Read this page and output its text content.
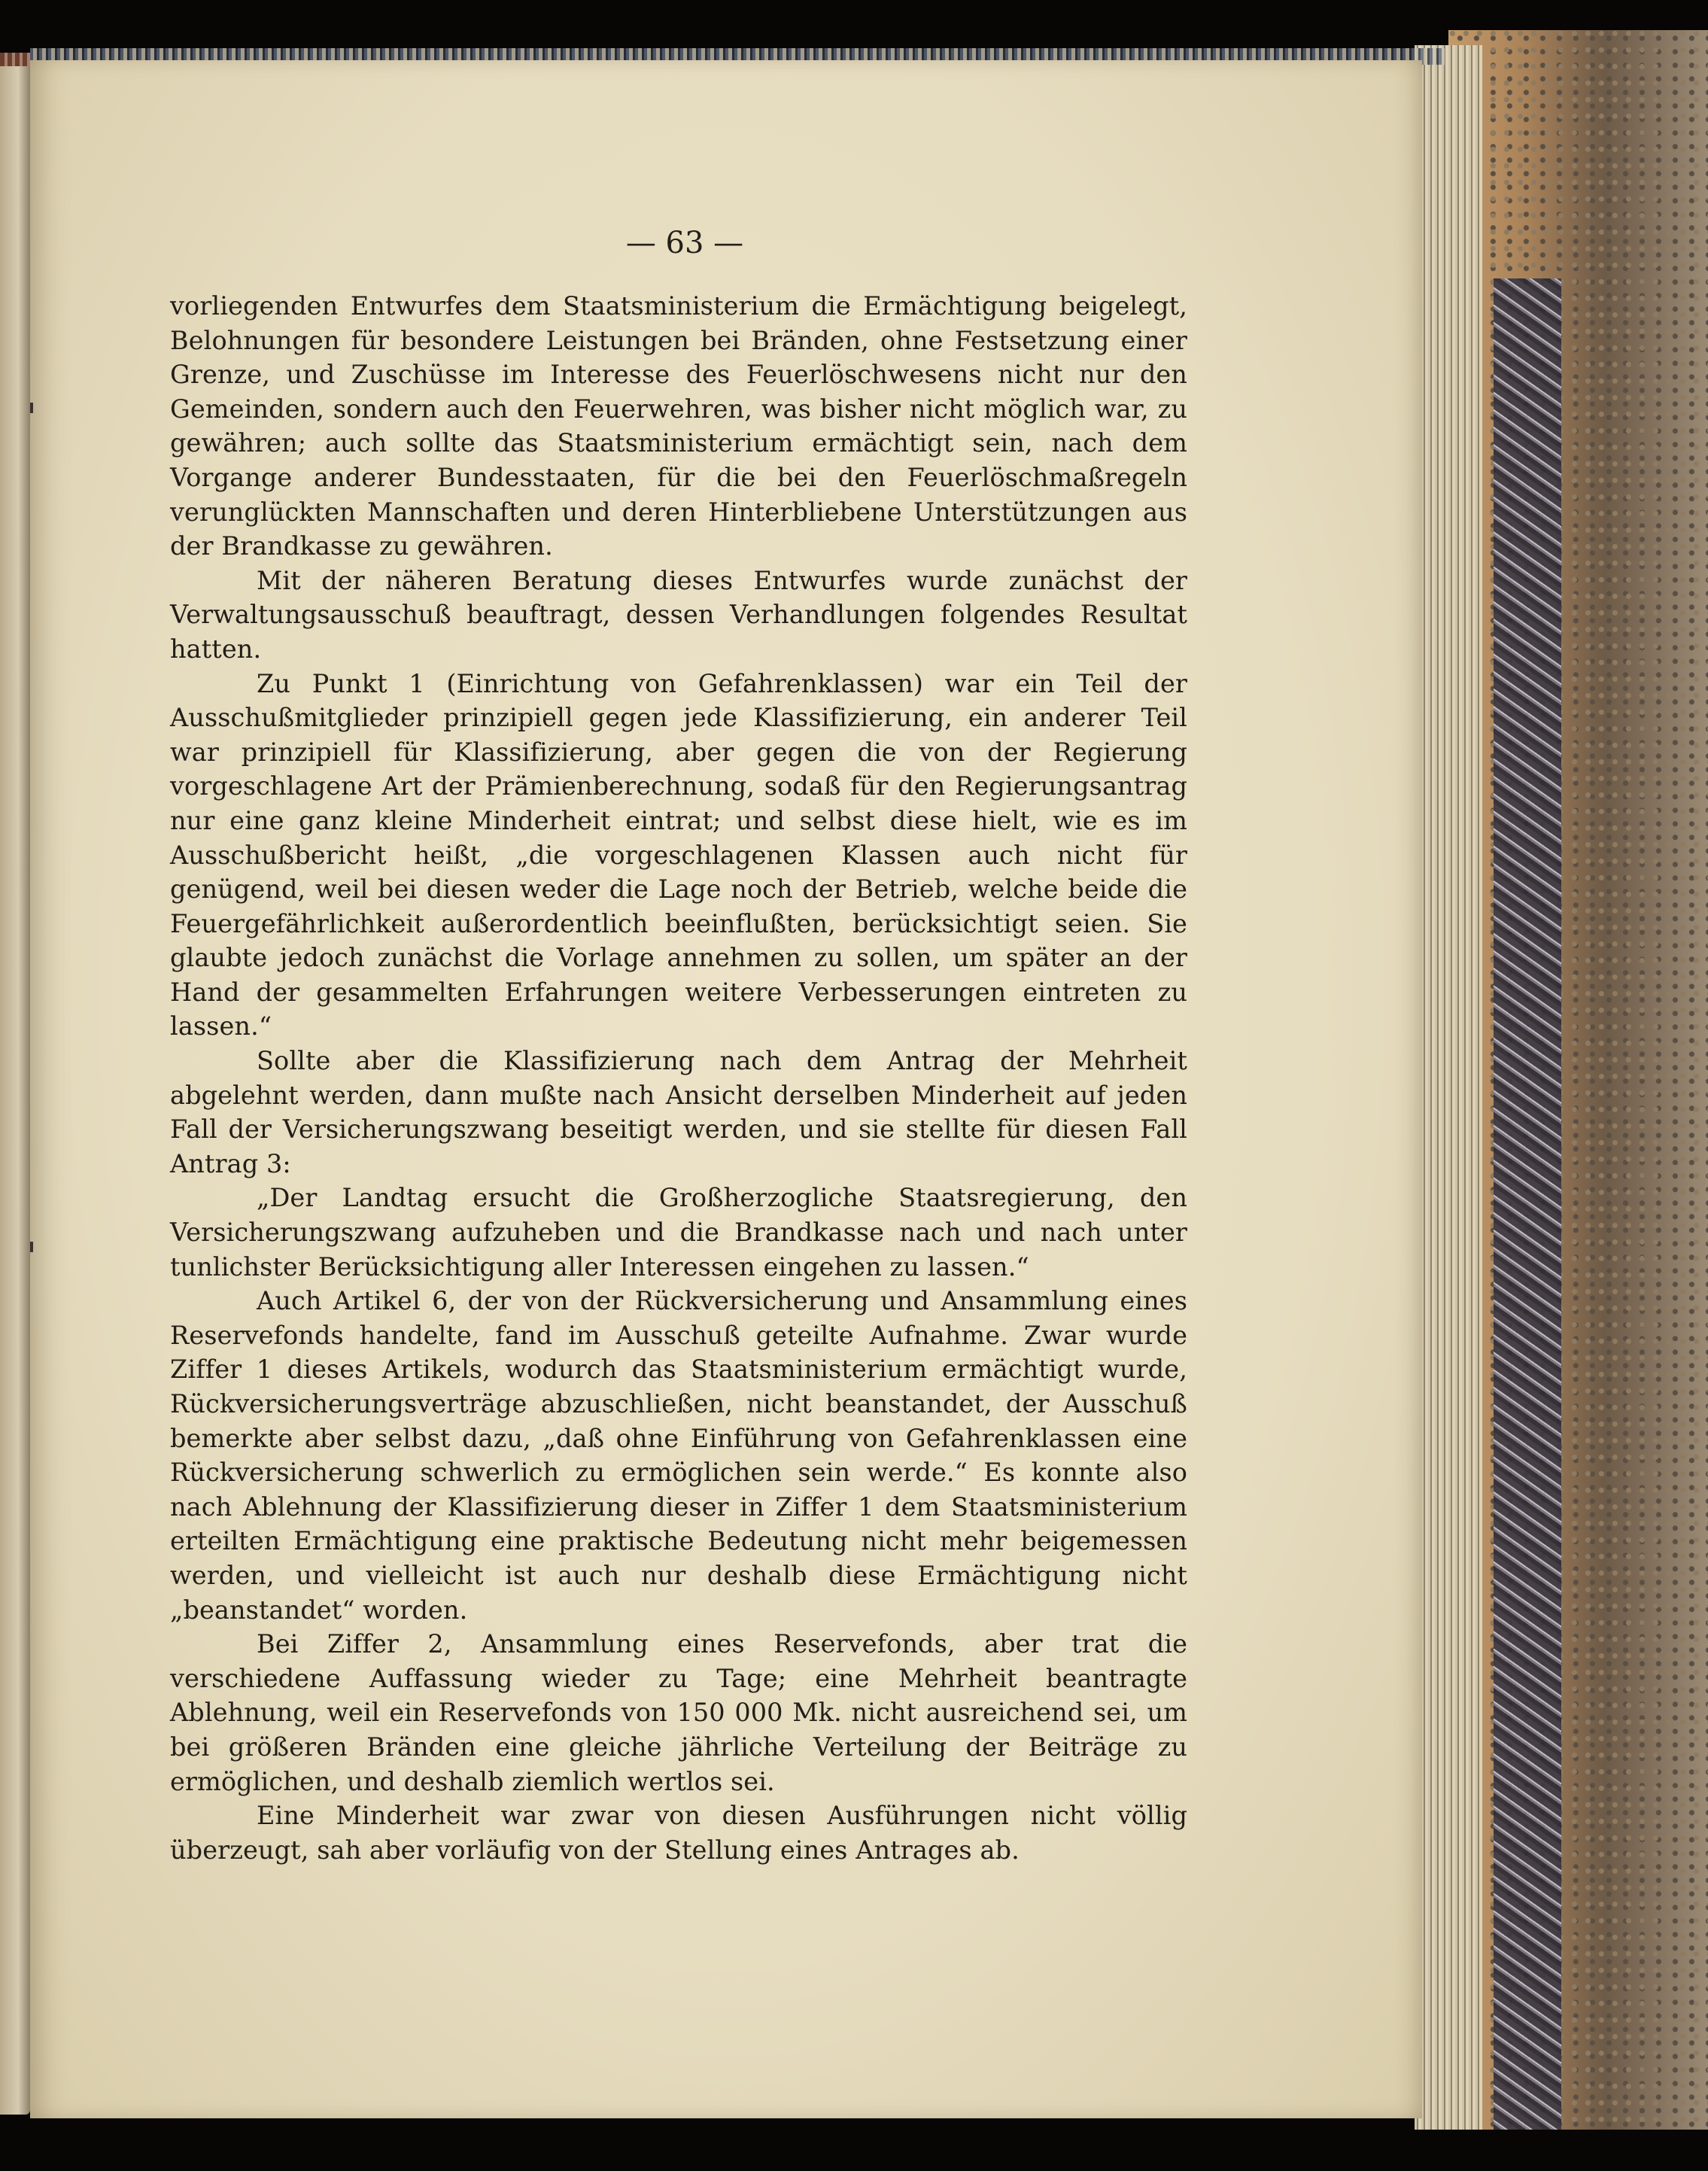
— 63 —

vorliegenden Entwurfes dem Staatsministerium die Ermächtigung beigelegt, Belohnungen für besondere Leistungen bei Bränden, ohne Festsetzung einer Grenze, und Zuschüsse im Interesse des Feuerlöschwesens nicht nur den Gemeinden, sondern auch den Feuerwehren, was bisher nicht möglich war, zu gewähren; auch sollte das Staatsministerium ermächtigt sein, nach dem Vorgange anderer Bundesstaaten, für die bei den Feuerlöschmaßregeln verunglückten Mannschaften und deren Hinterbliebene Unterstützungen aus der Brandkasse zu gewähren.

Mit der näheren Beratung dieses Entwurfes wurde zunächst der Verwaltungsausschuß beauftragt, dessen Verhandlungen folgendes Resultat hatten.

Zu Punkt 1 (Einrichtung von Gefahrenklassen) war ein Teil der Ausschußmitglieder prinzipiell gegen jede Klassifizierung, ein anderer Teil war prinzipiell für Klassifizierung, aber gegen die von der Regierung vorgeschlagene Art der Prämienberechnung, sodaß für den Regierungsantrag nur eine ganz kleine Minderheit eintrat; und selbst diese hielt, wie es im Ausschußbericht heißt, „die vorgeschlagenen Klassen auch nicht für genügend, weil bei diesen weder die Lage noch der Betrieb, welche beide die Feuergefährlichkeit außerordentlich beeinflußten, berücksichtigt seien. Sie glaubte jedoch zunächst die Vorlage annehmen zu sollen, um später an der Hand der gesammelten Erfahrungen weitere Verbesserungen eintreten zu lassen.“

Sollte aber die Klassifizierung nach dem Antrag der Mehrheit abgelehnt werden, dann mußte nach Ansicht derselben Minderheit auf jeden Fall der Versicherungszwang beseitigt werden, und sie stellte für diesen Fall Antrag 3:

„Der Landtag ersucht die Großherzogliche Staatsregierung, den Versicherungszwang aufzuheben und die Brandkasse nach und nach unter tunlichster Berücksichtigung aller Interessen eingehen zu lassen.“

Auch Artikel 6, der von der Rückversicherung und Ansammlung eines Reservefonds handelte, fand im Ausschuß geteilte Aufnahme. Zwar wurde Ziffer 1 dieses Artikels, wodurch das Staatsministerium ermächtigt wurde, Rückversicherungsverträge abzuschließen, nicht beanstandet, der Ausschuß bemerkte aber selbst dazu, „daß ohne Einführung von Gefahrenklassen eine Rückversicherung schwerlich zu ermöglichen sein werde.“ Es konnte also nach Ablehnung der Klassifizierung dieser in Ziffer 1 dem Staatsministerium erteilten Ermächtigung eine praktische Bedeutung nicht mehr beigemessen werden, und vielleicht ist auch nur deshalb diese Ermächtigung nicht „beanstandet“ worden.

Bei Ziffer 2, Ansammlung eines Reservefonds, aber trat die verschiedene Auffassung wieder zu Tage; eine Mehrheit beantragte Ablehnung, weil ein Reservefonds von 150 000 Mk. nicht ausreichend sei, um bei größeren Bränden eine gleiche jährliche Verteilung der Beiträge zu ermöglichen, und deshalb ziemlich wertlos sei.

Eine Minderheit war zwar von diesen Ausführungen nicht völlig überzeugt, sah aber vorläufig von der Stellung eines Antrages ab.
